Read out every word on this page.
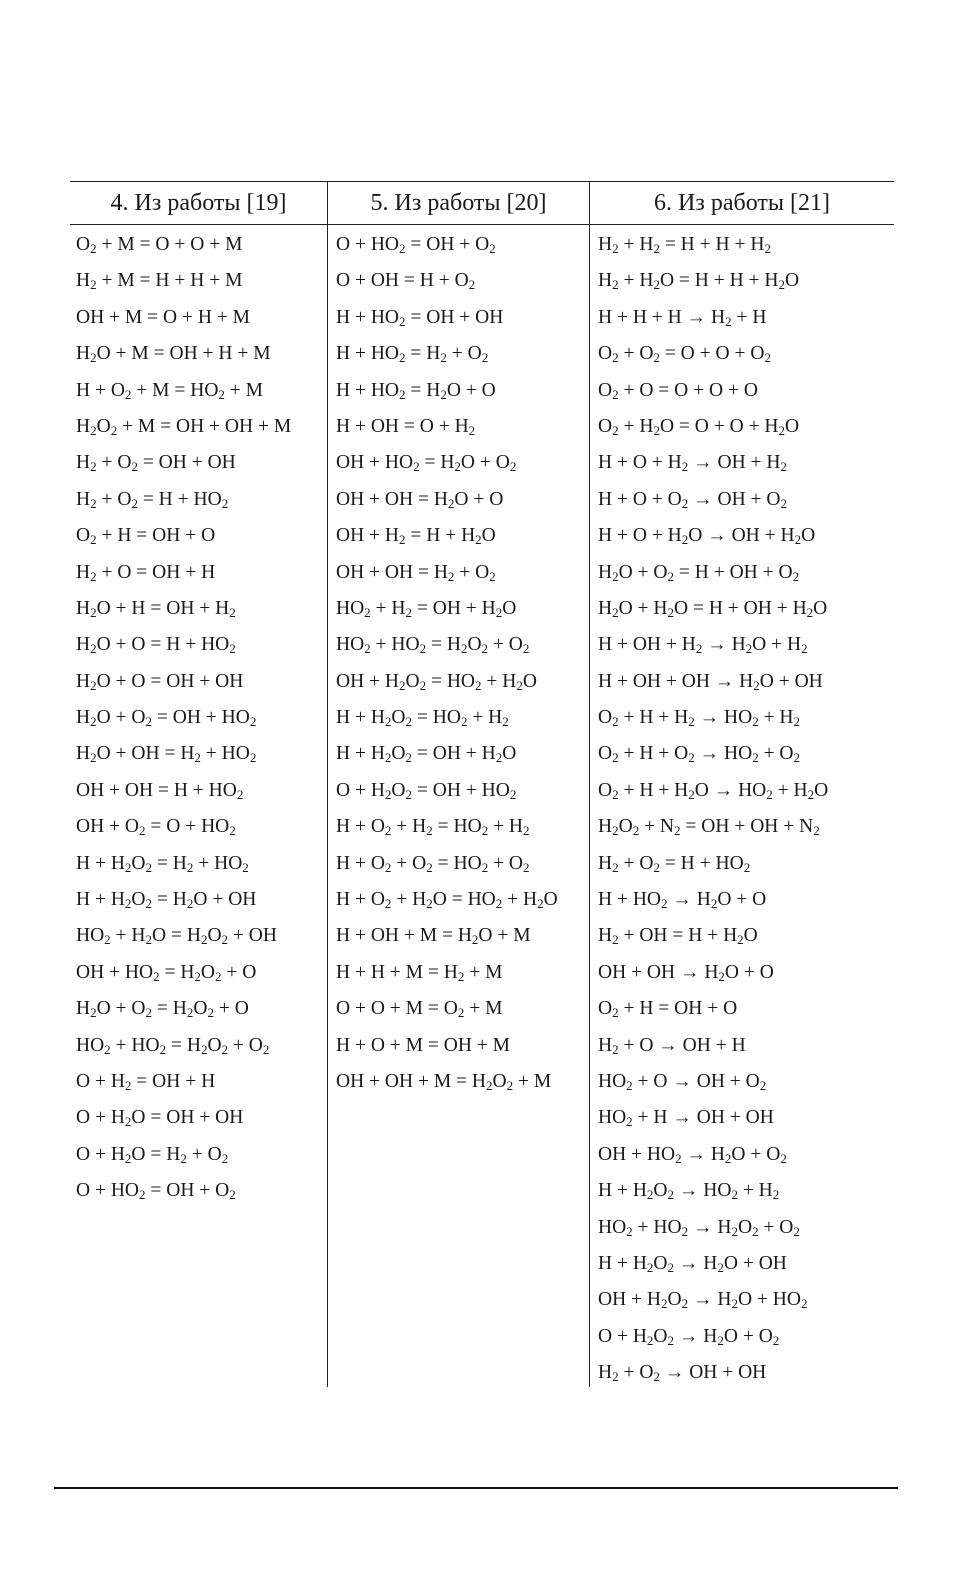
4. Из работы [19]	5. Из работы [20]	6. Из работы [21]
$O_2 + M = O + O + M$
$H_2 + M = H + H + M$
OH + M = O + H + M
$H_2O + M$ = OH + H + M
$H + O_2 + M = HO_2 + M$
$H_2O_2 + M$ = OH + OH + M
$H_2 + O_2$ = OH + OH
$H_2 + O_2 = H + HO_2$
$O_2 + H$ = OH + O
$H_2 + O$ = OH + H
$H_2O + H$ = OH + $H_2$
$H_2O + O = H + HO_2$
$H_2O + O$ = OH + OH
$H_2O + O_2$ = OH + $HO_2$
$H_2O$ + OH = $H_2 + HO_2$
OH + OH = $H + HO_2$
OH + $O_2 = O + HO_2$
$H + H_2O_2 = H_2 + HO_2$
$H + H_2O_2 = H_2O$ + OH
$HO_2 + H_2O = H_2O_2$ + OH
OH + $HO_2 = H_2O_2 + O$
$H_2O + O_2 = H_2O_2 + O$
$HO_2 + HO_2 = H_2O_2 + O_2$
$O + H_2$ = OH + H
$O + H_2O$ = OH + OH
$O + H_2O = H_2 + O_2$
$O + HO_2$ = OH + $O_2$
$O + HO_2$ = OH + $O_2$
O + OH = $H + O_2$
$H + HO_2$ = OH + OH
$H + HO_2 = H_2 + O_2$
$H + HO_2 = H_2O + O$
H + OH = $O + H_2$
OH + $HO_2 = H_2O + O_2$
OH + OH = $H_2O + O$
OH + $H_2 = H + H_2O$
OH + OH = $H_2 + O_2$
$HO_2 + H_2$ = OH + $H_2O$
$HO_2 + HO_2 = H_2O_2 + O_2$
OH + $H_2O_2 = HO_2 + H_2O$
$H + H_2O_2 = HO_2 + H_2$
$H + H_2O_2$ = OH + $H_2O$
$O + H_2O_2$ = OH + $HO_2$
$H + O_2 + H_2 = HO_2 + H_2$
$H + O_2 + O_2 = HO_2 + O_2$
$H + O_2 + H_2O = HO_2 + H_2O$
H + OH + $M = H_2O + M$
$H + H + M = H_2 + M$
$O + O + M = O_2 + M$
H + O + M = OH + M
OH + OH + $M = H_2O_2 + M$
$H_2 + H_2 = H + H + H_2$
$H_2 + H_2O = H + H + H_2O$
$H + H + H \to H_2 + H$
$O_2 + O_2 = O + O + O_2$
$O_2 + O = O + O + O$
$O_2 + H_2O = O + O + H_2O$
$H + O + H_2$ → OH + $H_2$
$H + O + O_2$ → OH + $O_2$
$H + O + H_2O$ → OH + $H_2O$
$H_2O + O_2 = H$ + OH + $O_2$
$H_2O + H_2O = H$ + OH + $H_2O$
H + OH + $H_2 \to H_2O + H_2$
H + OH + OH → $H_2O$ + OH
$O_2 + H + H_2 \to HO_2 + H_2$
$O_2 + H + O_2 \to HO_2 + O_2$
$O_2 + H + H_2O \to HO_2 + H_2O$
$H_2O_2 + N_2$ = OH + OH + $N_2$
$H_2 + O_2 = H + HO_2$
$H + HO_2 \to H_2O + O$
$H_2$ + OH = $H + H_2O$
OH + OH → $H_2O + O$
$O_2 + H$ = OH + O
$H_2 + O$ → OH + H
$HO_2 + O$ → OH + $O_2$
$HO_2 + H$ → OH + OH
OH + $HO_2 \to H_2O + O_2$
$H + H_2O_2 \to HO_2 + H_2$
$HO_2 + HO_2 \to H_2O_2 + O_2$
$H + H_2O_2 \to H_2O$ + OH
OH + $H_2O_2 \to H_2O + HO_2$
$O + H_2O_2 \to H_2O + O_2$
$H_2 + O_2$ → OH + OH
